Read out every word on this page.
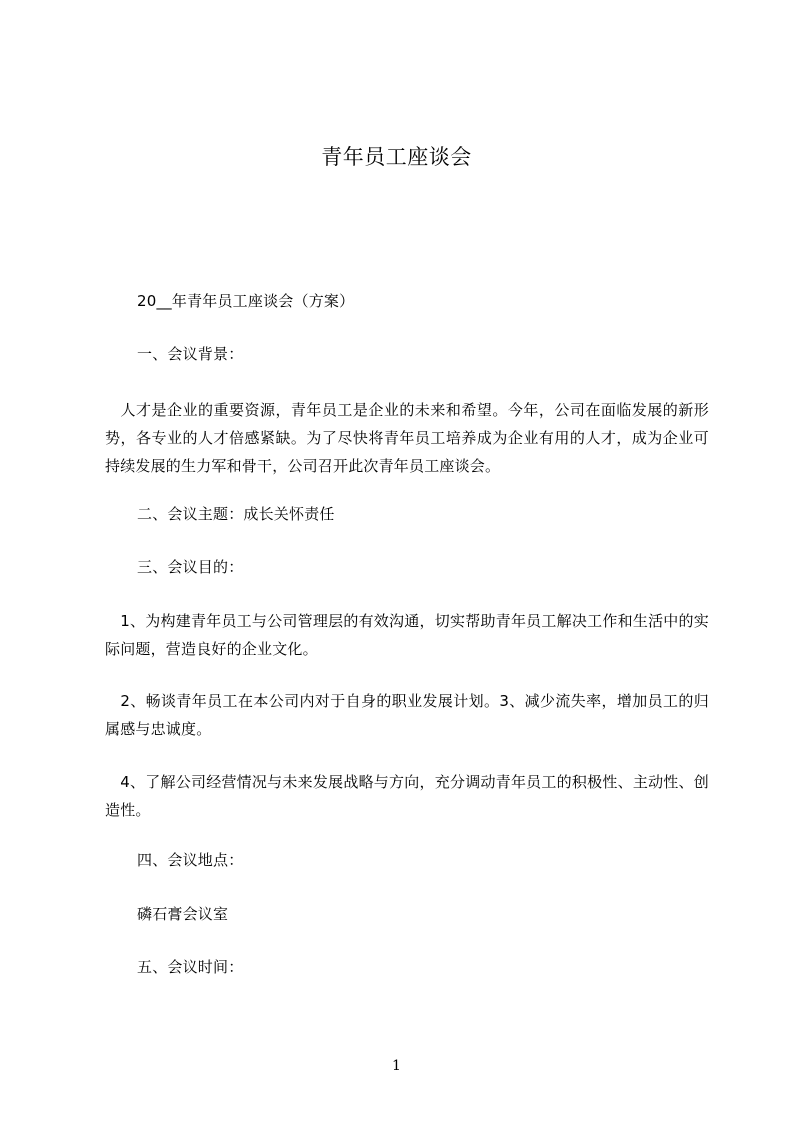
青年员工座谈会
20__年青年员工座谈会（方案）
一、会议背景：
　人才是企业的重要资源，青年员工是企业的未来和希望。今年，公司在面临发展的新形势，各专业的人才倍感紧缺。为了尽快将青年员工培养成为企业有用的人才，成为企业可持续发展的生力军和骨干，公司召开此次青年员工座谈会。
二、会议主题：成长关怀责任
三、会议目的：
　1、为构建青年员工与公司管理层的有效沟通，切实帮助青年员工解决工作和生活中的实际问题，营造良好的企业文化。
　2、畅谈青年员工在本公司内对于自身的职业发展计划。3、减少流失率，增加员工的归属感与忠诚度。
　4、了解公司经营情况与未来发展战略与方向，充分调动青年员工的积极性、主动性、创造性。
四、会议地点：
磷石膏会议室
五、会议时间：
1
